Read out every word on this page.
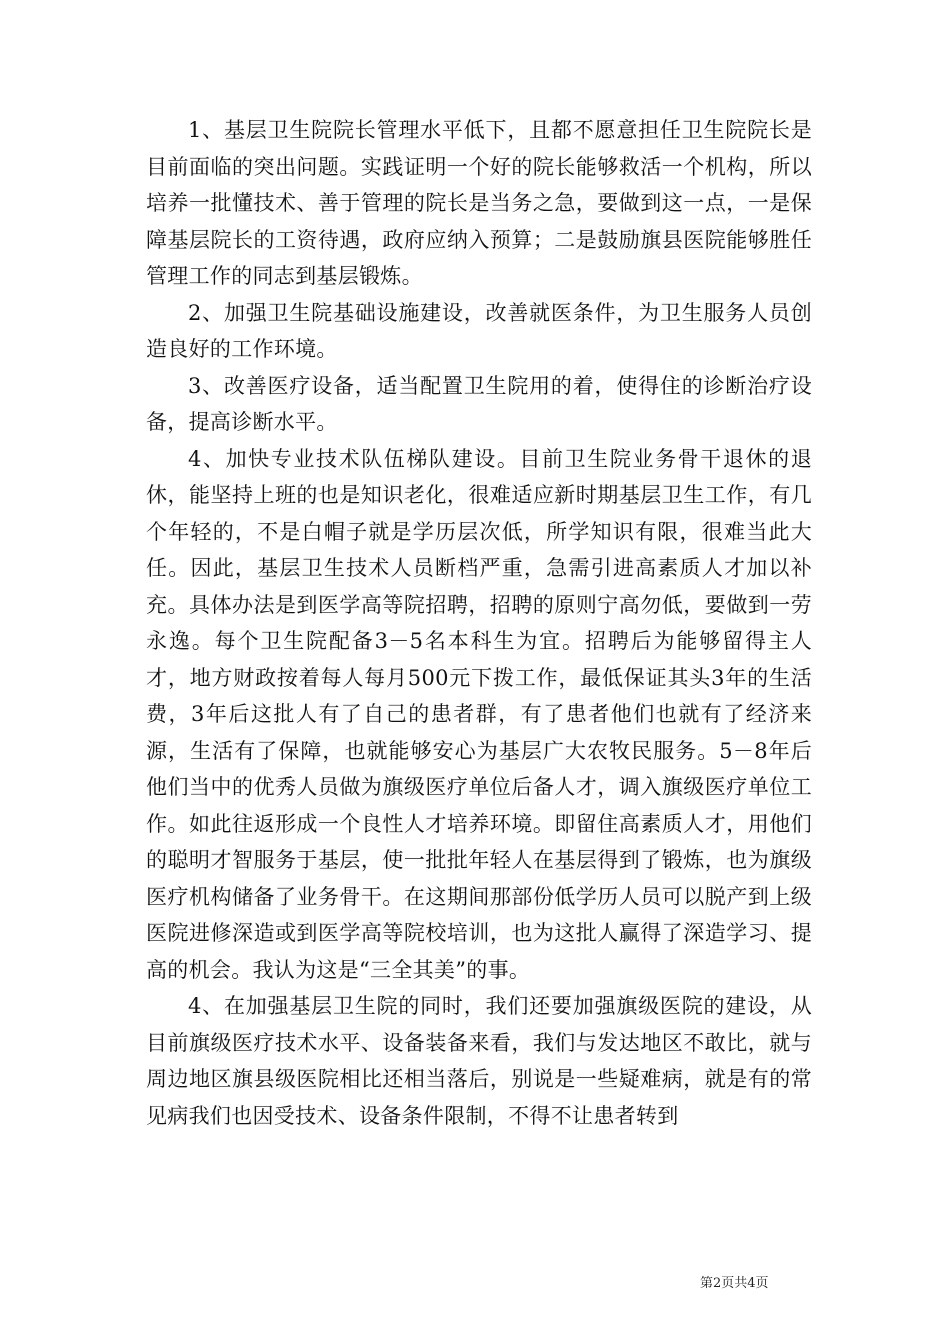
1、基层卫生院院长管理水平低下，且都不愿意担任卫生院院长是目前面临的突出问题。实践证明一个好的院长能够救活一个机构，所以培养一批懂技术、善于管理的院长是当务之急，要做到这一点，一是保障基层院长的工资待遇，政府应纳入预算；二是鼓励旗县医院能够胜任管理工作的同志到基层锻炼。

2、加强卫生院基础设施建设，改善就医条件，为卫生服务人员创造良好的工作环境。

3、改善医疗设备，适当配置卫生院用的着，使得住的诊断治疗设备，提高诊断水平。

4、加快专业技术队伍梯队建设。目前卫生院业务骨干退休的退休，能坚持上班的也是知识老化，很难适应新时期基层卫生工作，有几个年轻的，不是白帽子就是学历层次低，所学知识有限，很难当此大任。因此，基层卫生技术人员断档严重，急需引进高素质人才加以补充。具体办法是到医学高等院招聘，招聘的原则宁高勿低，要做到一劳永逸。每个卫生院配备3－5名本科生为宜。招聘后为能够留得主人才，地方财政按着每人每月500元下拨工作，最低保证其头3年的生活费，3年后这批人有了自己的患者群，有了患者他们也就有了经济来源，生活有了保障，也就能够安心为基层广大农牧民服务。5－8年后他们当中的优秀人员做为旗级医疗单位后备人才，调入旗级医疗单位工作。如此往返形成一个良性人才培养环境。即留住高素质人才，用他们的聪明才智服务于基层，使一批批年轻人在基层得到了锻炼，也为旗级医疗机构储备了业务骨干。在这期间那部份低学历人员可以脱产到上级医院进修深造或到医学高等院校培训，也为这批人赢得了深造学习、提高的机会。我认为这是“三全其美”的事。

4、在加强基层卫生院的同时，我们还要加强旗级医院的建设，从目前旗级医疗技术水平、设备装备来看，我们与发达地区不敢比，就与周边地区旗县级医院相比还相当落后，别说是一些疑难病，就是有的常见病我们也因受技术、设备条件限制，不得不让患者转到

第2页共4页
